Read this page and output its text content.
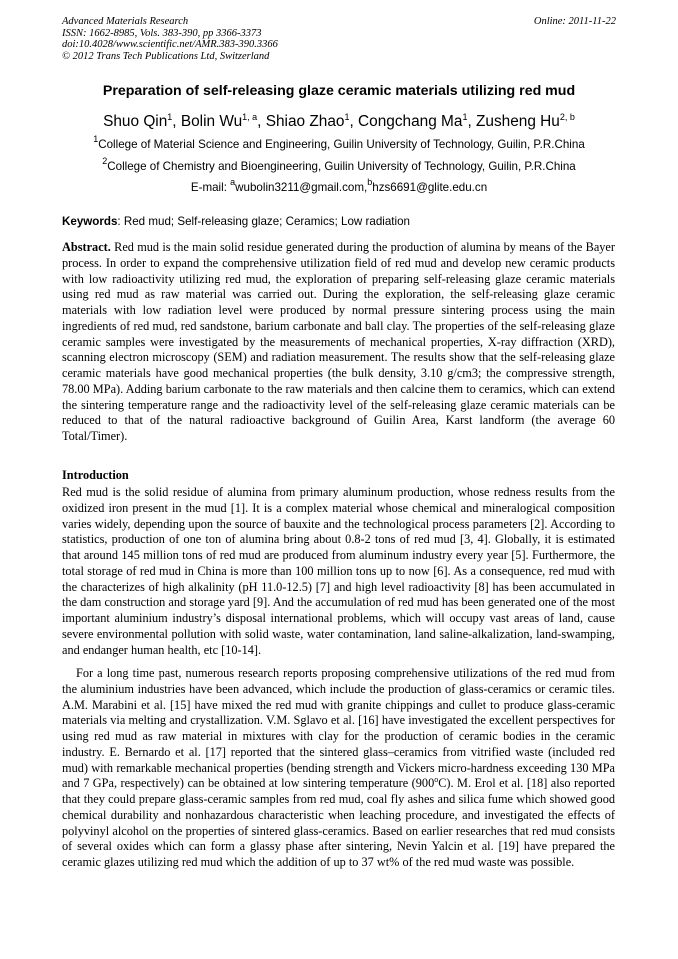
Advanced Materials Research
ISSN: 1662-8985, Vols. 383-390, pp 3366-3373
doi:10.4028/www.scientific.net/AMR.383-390.3366
© 2012 Trans Tech Publications Ltd, Switzerland
Online: 2011-11-22
Preparation of self-releasing glaze ceramic materials utilizing red mud
Shuo Qin$^1$, Bolin Wu$^{1, a}$, Shiao Zhao$^1$, Congchang Ma$^1$, Zusheng Hu$^{2, b}$
$^1$College of Material Science and Engineering, Guilin University of Technology, Guilin, P.R.China
$^2$College of Chemistry and Bioengineering, Guilin University of Technology, Guilin, P.R.China
E-mail: $^a$wubolin3211@gmail.com,$^b$hzs6691@glite.edu.cn
Keywords: Red mud; Self-releasing glaze; Ceramics; Low radiation

Abstract. Red mud is the main solid residue generated during the production of alumina by means of the Bayer process. In order to expand the comprehensive utilization field of red mud and develop new ceramic products with low radioactivity utilizing red mud, the exploration of preparing self-releasing glaze ceramic materials using red mud as raw material was carried out. During the exploration, the self-releasing glaze ceramic materials with low radiation level were produced by normal pressure sintering process using the main ingredients of red mud, red sandstone, barium carbonate and ball clay. The properties of the self-releasing glaze ceramic samples were investigated by the measurements of mechanical properties, X-ray diffraction (XRD), scanning electron microscopy (SEM) and radiation measurement. The results show that the self-releasing glaze ceramic materials have good mechanical properties (the bulk density, 3.10 g/cm3; the compressive strength, 78.00 MPa). Adding barium carbonate to the raw materials and then calcine them to ceramics, which can extend the sintering temperature range and the radioactivity level of the self-releasing glaze ceramic materials can be reduced to that of the natural radioactive background of Guilin Area, Karst landform (the average 60 Total/Timer).

Introduction

Red mud is the solid residue of alumina from primary aluminum production, whose redness results from the oxidized iron present in the mud [1]. It is a complex material whose chemical and mineralogical composition varies widely, depending upon the source of bauxite and the technological process parameters [2]. According to statistics, production of one ton of alumina bring about 0.8-2 tons of red mud [3, 4]. Globally, it is estimated that around 145 million tons of red mud are produced from aluminum industry every year [5]. Furthermore, the total storage of red mud in China is more than 100 million tons up to now [6]. As a consequence, red mud with the characterizes of high alkalinity (pH 11.0-12.5) [7] and high level radioactivity [8] has been accumulated in the dam construction and storage yard [9]. And the accumulation of red mud has been generated one of the most important aluminium industry’s disposal international problems, which will occupy vast areas of land, cause severe environmental pollution with solid waste, water contamination, land saline-alkalization, land-swamping, and endanger human health, etc [10-14].

For a long time past, numerous research reports proposing comprehensive utilizations of the red mud from the aluminium industries have been advanced, which include the production of glass-ceramics or ceramic tiles. A.M. Marabini et al. [15] have mixed the red mud with granite chippings and cullet to produce glass-ceramic materials via melting and crystallization. V.M. Sglavo et al. [16] have investigated the excellent perspectives for using red mud as raw material in mixtures with clay for the production of ceramic bodies in the ceramic industry. E. Bernardo et al. [17] reported that the sintered glass–ceramics from vitrified waste (included red mud) with remarkable mechanical properties (bending strength and Vickers micro-hardness exceeding 130 MPa and 7 GPa, respectively) can be obtained at low sintering temperature (900$^o$C). M. Erol et al. [18] also reported that they could prepare glass-ceramic samples from red mud, coal fly ashes and silica fume which showed good chemical durability and nonhazardous characteristic when leaching procedure, and investigated the effects of polyvinyl alcohol on the properties of sintered glass-ceramics. Based on earlier researches that red mud consists of several oxides which can form a glassy phase after sintering, Nevin Yalcin et al. [19] have prepared the ceramic glazes utilizing red mud which the addition of up to 37 wt% of the red mud waste was possible.
